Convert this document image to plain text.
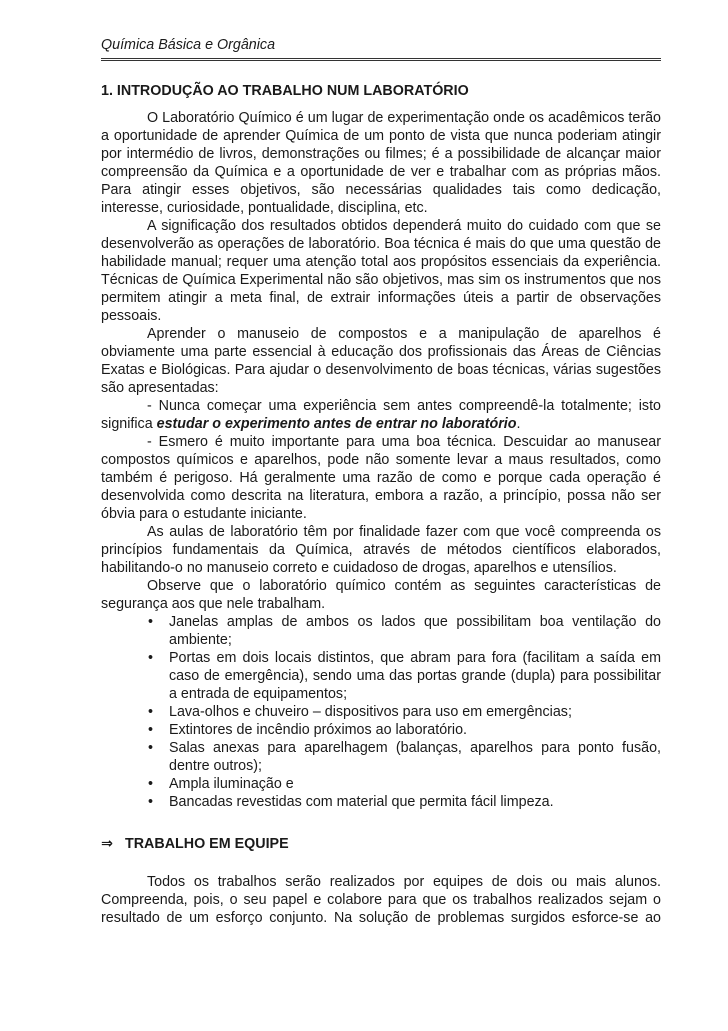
Química Básica e Orgânica
1. INTRODUÇÃO AO TRABALHO NUM LABORATÓRIO

O Laboratório Químico é um lugar de experimentação onde os acadêmicos terão a oportunidade de aprender Química de um ponto de vista que nunca poderiam atingir por intermédio de livros, demonstrações ou filmes; é a possibilidade de alcançar maior compreensão da Química e a oportunidade de ver e trabalhar com as próprias mãos. Para atingir esses objetivos, são necessárias qualidades tais como dedicação, interesse, curiosidade, pontualidade, disciplina, etc.

A significação dos resultados obtidos dependerá muito do cuidado com que se desenvolverão as operações de laboratório. Boa técnica é mais do que uma questão de habilidade manual; requer uma atenção total aos propósitos essenciais da experiência. Técnicas de Química Experimental não são objetivos, mas sim os instrumentos que nos permitem atingir a meta final, de extrair informações úteis a partir de observações pessoais.

Aprender o manuseio de compostos e a manipulação de aparelhos é obviamente uma parte essencial à educação dos profissionais das Áreas de Ciências Exatas e Biológicas. Para ajudar o desenvolvimento de boas técnicas, várias sugestões são apresentadas:

- Nunca começar uma experiência sem antes compreendê-la totalmente; isto significa estudar o experimento antes de entrar no laboratório.

- Esmero é muito importante para uma boa técnica. Descuidar ao manusear compostos químicos e aparelhos, pode não somente levar a maus resultados, como também é perigoso. Há geralmente uma razão de como e porque cada operação é desenvolvida como descrita na literatura, embora a razão, a princípio, possa não ser óbvia para o estudante iniciante.

As aulas de laboratório têm por finalidade fazer com que você compreenda os princípios fundamentais da Química, através de métodos científicos elaborados, habilitando-o no manuseio correto e cuidadoso de drogas, aparelhos e utensílios.

Observe que o laboratório químico contém as seguintes características de segurança aos que nele trabalham.

• Janelas amplas de ambos os lados que possibilitam boa ventilação do ambiente;
• Portas em dois locais distintos, que abram para fora (facilitam a saída em caso de emergência), sendo uma das portas grande (dupla) para possibilitar a entrada de equipamentos;
• Lava-olhos e chuveiro – dispositivos para uso em emergências;
• Extintores de incêndio próximos ao laboratório.
• Salas anexas para aparelhagem (balanças, aparelhos para ponto fusão, dentre outros);
• Ampla iluminação e
• Bancadas revestidas com material que permita fácil limpeza.
⇒ TRABALHO EM EQUIPE

Todos os trabalhos serão realizados por equipes de dois ou mais alunos. Compreenda, pois, o seu papel e colabore para que os trabalhos realizados sejam o resultado de um esforço conjunto. Na solução de problemas surgidos esforce-se ao
